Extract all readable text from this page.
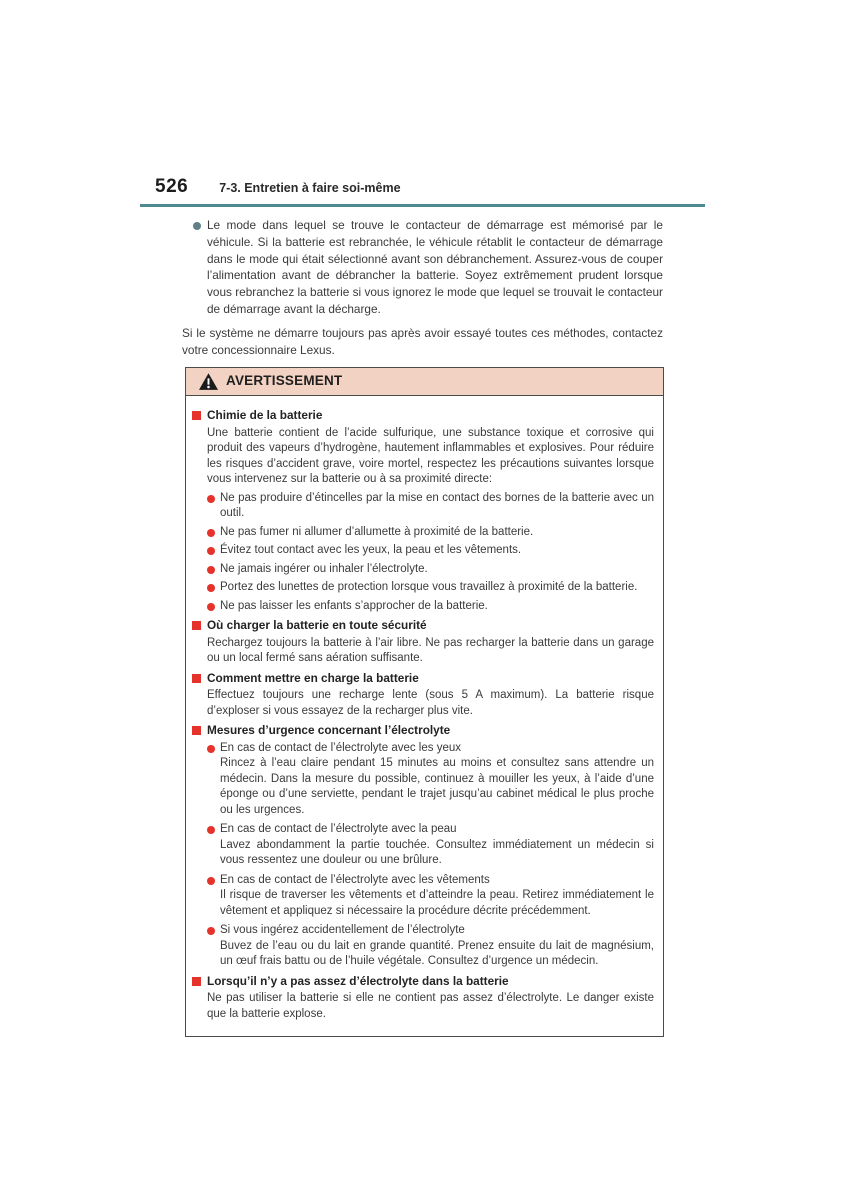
526 7-3. Entretien à faire soi-même

Le mode dans lequel se trouve le contacteur de démarrage est mémorisé par le véhicule. Si la batterie est rebranchée, le véhicule rétablit le contacteur de démarrage dans le mode qui était sélectionné avant son débranchement. Assurez-vous de couper l’alimentation avant de débrancher la batterie. Soyez extrêmement prudent lorsque vous rebranchez la batterie si vous ignorez le mode que lequel se trouvait le contacteur de démarrage avant la décharge.

Si le système ne démarre toujours pas après avoir essayé toutes ces méthodes, contactez votre concessionnaire Lexus.

AVERTISSEMENT
Chimie de la batterie

Une batterie contient de l’acide sulfurique, une substance toxique et corrosive qui produit des vapeurs d’hydrogène, hautement inflammables et explosives. Pour réduire les risques d’accident grave, voire mortel, respectez les précautions suivantes lorsque vous intervenez sur la batterie ou à sa proximité directe:

Ne pas produire d’étincelles par la mise en contact des bornes de la batterie avec un outil.

Ne pas fumer ni allumer d’allumette à proximité de la batterie.

Évitez tout contact avec les yeux, la peau et les vêtements.

Ne jamais ingérer ou inhaler l’électrolyte.

Portez des lunettes de protection lorsque vous travaillez à proximité de la batterie.

Ne pas laisser les enfants s’approcher de la batterie.

Où charger la batterie en toute sécurité

Rechargez toujours la batterie à l’air libre. Ne pas recharger la batterie dans un garage ou un local fermé sans aération suffisante.

Comment mettre en charge la batterie

Effectuez toujours une recharge lente (sous 5 A maximum). La batterie risque d’exploser si vous essayez de la recharger plus vite.

Mesures d’urgence concernant l’électrolyte
En cas de contact de l’électrolyte avec les yeux

Rincez à l’eau claire pendant 15 minutes au moins et consultez sans attendre un médecin. Dans la mesure du possible, continuez à mouiller les yeux, à l’aide d’une éponge ou d’une serviette, pendant le trajet jusqu’au cabinet médical le plus proche ou les urgences.

En cas de contact de l’électrolyte avec la peau

Lavez abondamment la partie touchée. Consultez immédiatement un médecin si vous ressentez une douleur ou une brûlure.

En cas de contact de l’électrolyte avec les vêtements

Il risque de traverser les vêtements et d’atteindre la peau. Retirez immédiatement le vêtement et appliquez si nécessaire la procédure décrite précédemment.

Si vous ingérez accidentellement de l’électrolyte

Buvez de l’eau ou du lait en grande quantité. Prenez ensuite du lait de magnésium, un œuf frais battu ou de l’huile végétale. Consultez d’urgence un médecin.

Lorsqu’il n’y a pas assez d’électrolyte dans la batterie

Ne pas utiliser la batterie si elle ne contient pas assez d’électrolyte. Le danger existe que la batterie explose.
